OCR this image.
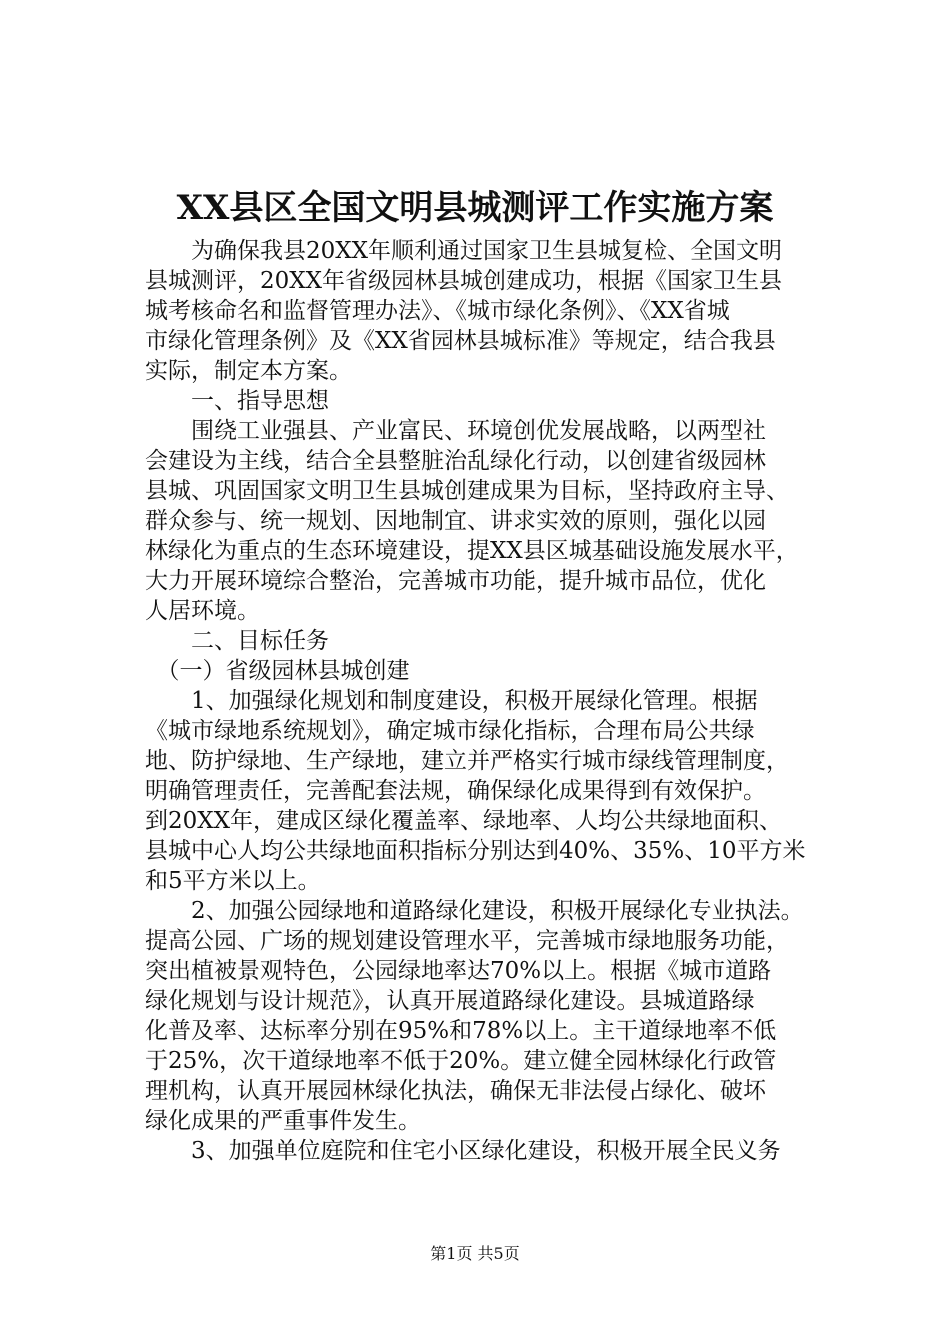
XX县区全国文明县城测评工作实施方案
　　为确保我县20XX年顺利通过国家卫生县城复检、全国文明
县城测评，20XX年省级园林县城创建成功，根据《国家卫生县
城考核命名和监督管理办法》、《城市绿化条例》、《XX省城
市绿化管理条例》及《XX省园林县城标准》等规定，结合我县
实际，制定本方案。
　　一、指导思想
　　围绕工业强县、产业富民、环境创优发展战略，以两型社
会建设为主线，结合全县整脏治乱绿化行动，以创建省级园林
县城、巩固国家文明卫生县城创建成果为目标，坚持政府主导、
群众参与、统一规划、因地制宜、讲求实效的原则，强化以园
林绿化为重点的生态环境建设，提XX县区城基础设施发展水平，
大力开展环境综合整治，完善城市功能，提升城市品位，优化
人居环境。
　　二、目标任务
　（一）省级园林县城创建
　　1、加强绿化规划和制度建设，积极开展绿化管理。根据
《城市绿地系统规划》，确定城市绿化指标，合理布局公共绿
地、防护绿地、生产绿地，建立并严格实行城市绿线管理制度，
明确管理责任，完善配套法规，确保绿化成果得到有效保护。
到20XX年，建成区绿化覆盖率、绿地率、人均公共绿地面积、
县城中心人均公共绿地面积指标分别达到40%、35%、10平方米
和5平方米以上。
　　2、加强公园绿地和道路绿化建设，积极开展绿化专业执法。
提高公园、广场的规划建设管理水平，完善城市绿地服务功能，
突出植被景观特色，公园绿地率达70%以上。根据《城市道路
绿化规划与设计规范》，认真开展道路绿化建设。县城道路绿
化普及率、达标率分别在95%和78%以上。主干道绿地率不低
于25%，次干道绿地率不低于20%。建立健全园林绿化行政管
理机构，认真开展园林绿化执法，确保无非法侵占绿化、破坏
绿化成果的严重事件发生。
　　3、加强单位庭院和住宅小区绿化建设，积极开展全民义务
第1页 共5页
